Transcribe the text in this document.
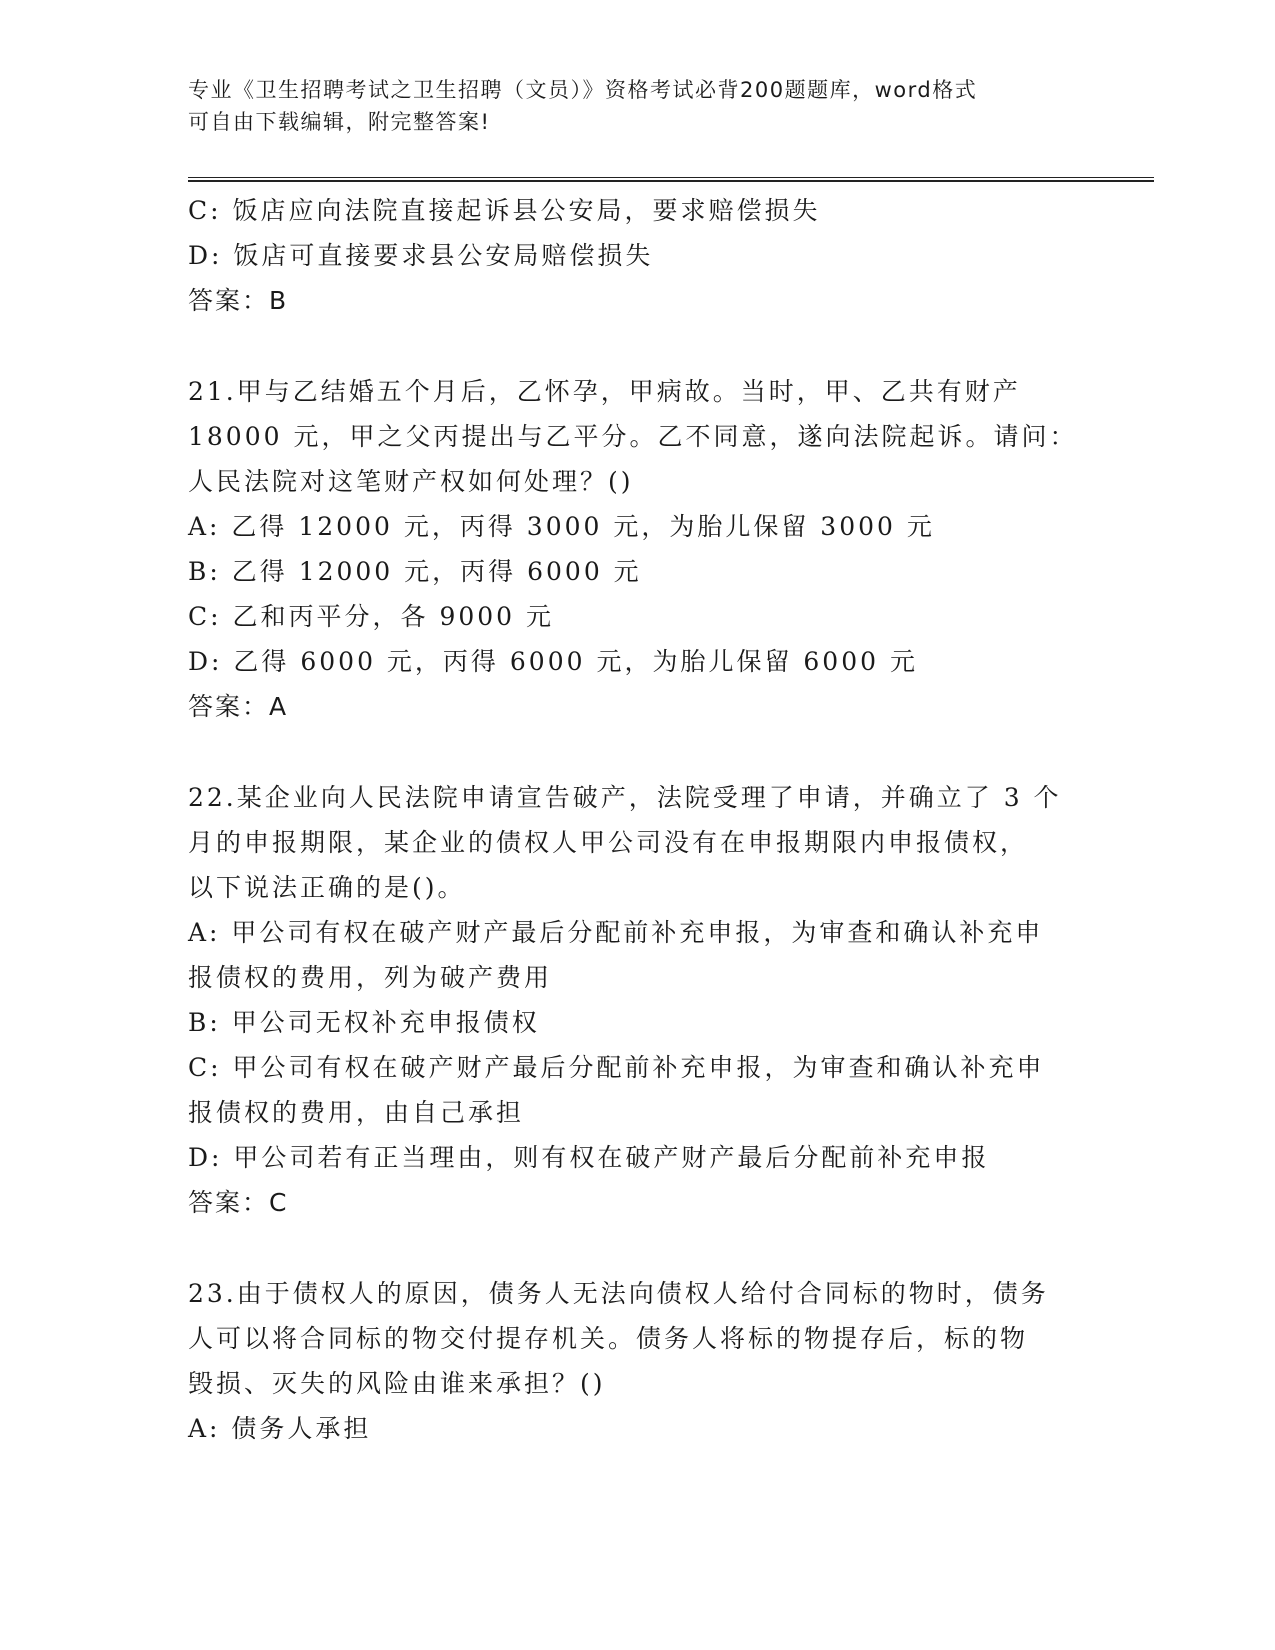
专业《卫生招聘考试之卫生招聘（文员）》资格考试必背200题题库，word格式
可自由下载编辑，附完整答案!
C: 饭店应向法院直接起诉县公安局，要求赔偿损失
D: 饭店可直接要求县公安局赔偿损失
答案：B
21.甲与乙结婚五个月后，乙怀孕，甲病故。当时，甲、乙共有财产
18000 元，甲之父丙提出与乙平分。乙不同意，遂向法院起诉。请问：
人民法院对这笔财产权如何处理？()
A: 乙得 12000 元，丙得 3000 元，为胎儿保留 3000 元
B: 乙得 12000 元，丙得 6000 元
C: 乙和丙平分，各 9000 元
D: 乙得 6000 元，丙得 6000 元，为胎儿保留 6000 元
答案：A
22.某企业向人民法院申请宣告破产，法院受理了申请，并确立了 3 个
月的申报期限，某企业的债权人甲公司没有在申报期限内申报债权，
以下说法正确的是()。
A: 甲公司有权在破产财产最后分配前补充申报，为审查和确认补充申
报债权的费用，列为破产费用
B: 甲公司无权补充申报债权
C: 甲公司有权在破产财产最后分配前补充申报，为审查和确认补充申
报债权的费用，由自己承担
D: 甲公司若有正当理由，则有权在破产财产最后分配前补充申报
答案：C
23.由于债权人的原因，债务人无法向债权人给付合同标的物时，债务
人可以将合同标的物交付提存机关。债务人将标的物提存后，标的物
毁损、灭失的风险由谁来承担？()
A: 债务人承担
